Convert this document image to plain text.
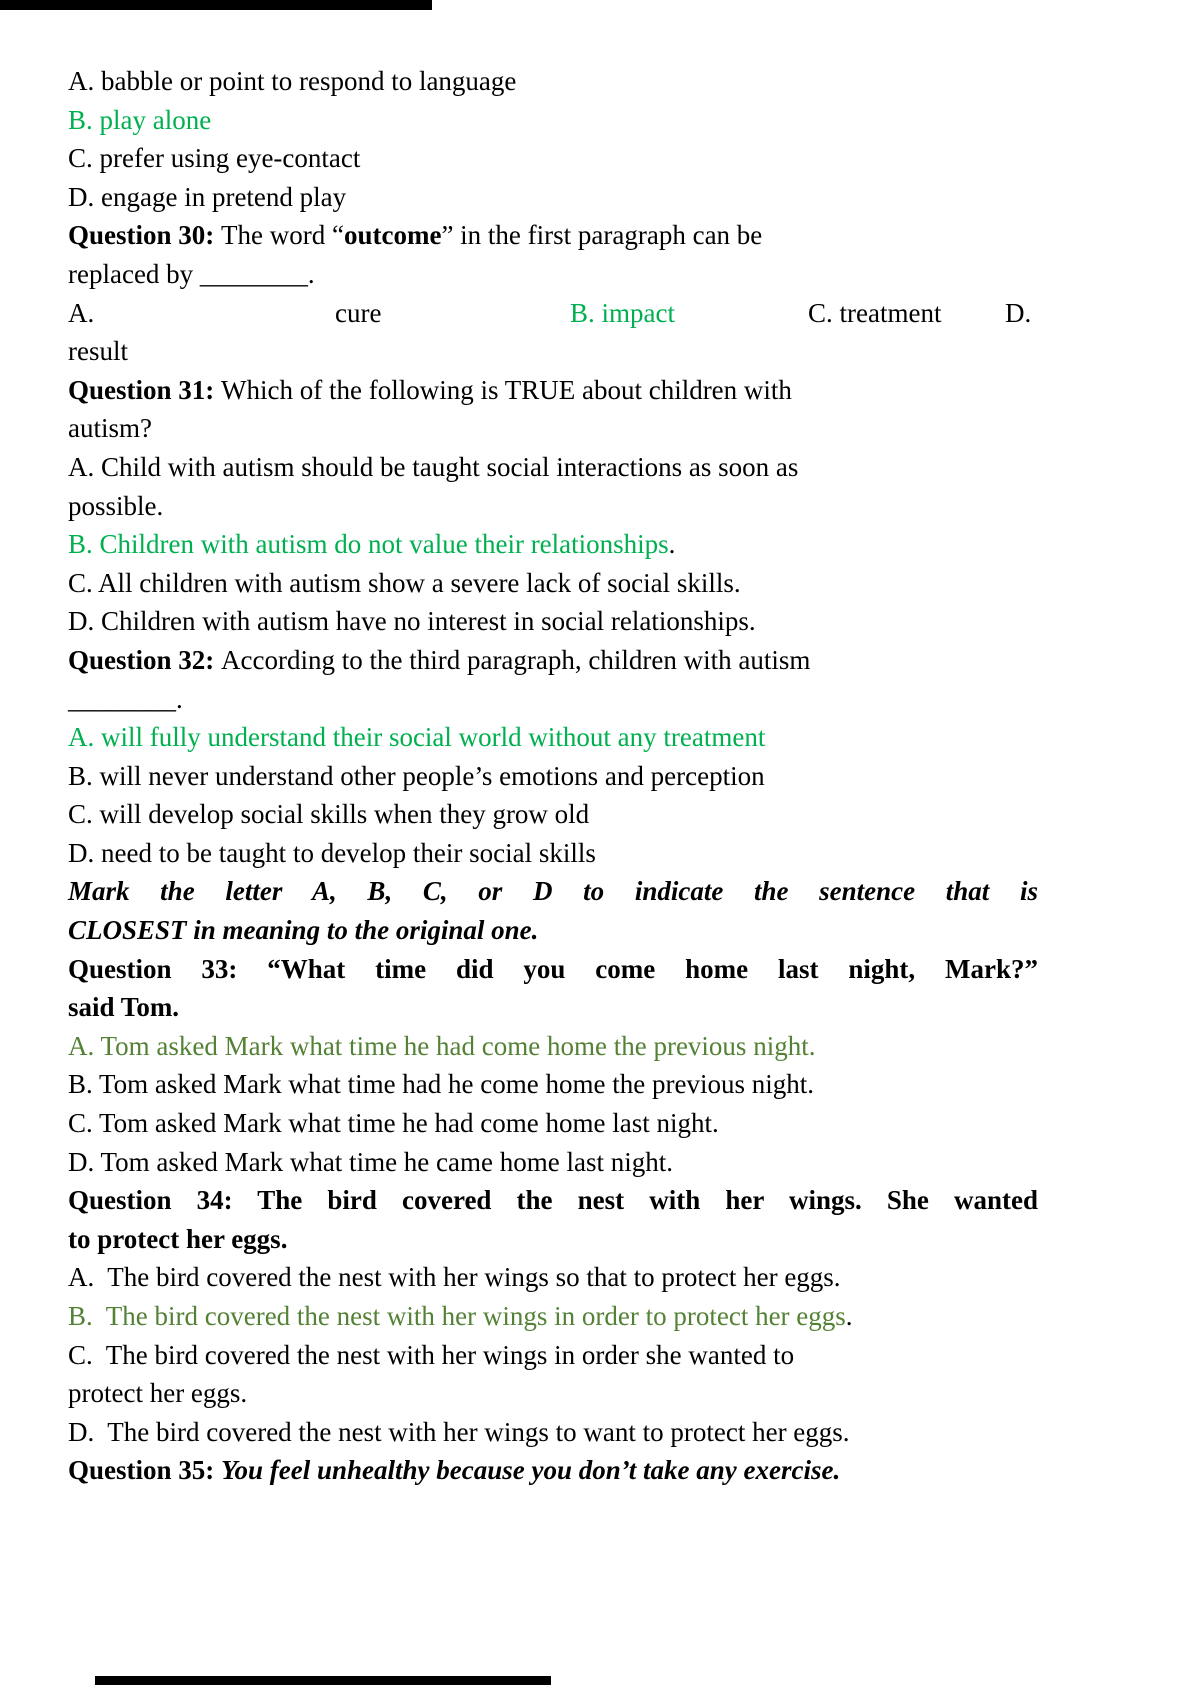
A. babble or point to respond to language
B. play alone
C. prefer using eye-contact
D. engage in pretend play
Question 30: The word “outcome” in the first paragraph can be
replaced by ________.
A.	cure	B. impact	C. treatment D.
result
Question 31: Which of the following is TRUE about children with
autism?
A. Child with autism should be taught social interactions as soon as
possible.
B. Children with autism do not value their relationships.
C. All children with autism show a severe lack of social skills.
D. Children with autism have no interest in social relationships.
Question 32: According to the third paragraph, children with autism
________.
A. will fully understand their social world without any treatment
B. will never understand other people’s emotions and perception
C. will develop social skills when they grow old
D. need to be taught to develop their social skills
Mark the letter A, B, C, or D to indicate the sentence that is
CLOSEST in meaning to the original one.
Question 33: “What time did you come home last night, Mark?”
said Tom.
A. Tom asked Mark what time he had come home the previous night.
B. Tom asked Mark what time had he come home the previous night.
C. Tom asked Mark what time he had come home last night.
D. Tom asked Mark what time he came home last night.
Question 34: The bird covered the nest with her wings. She wanted
to protect her eggs.
A.  The bird covered the nest with her wings so that to protect her eggs.
B.  The bird covered the nest with her wings in order to protect her eggs.
C.  The bird covered the nest with her wings in order she wanted to
protect her eggs.
D.  The bird covered the nest with her wings to want to protect her eggs.
Question 35: You feel unhealthy because you don’t take any exercise.
